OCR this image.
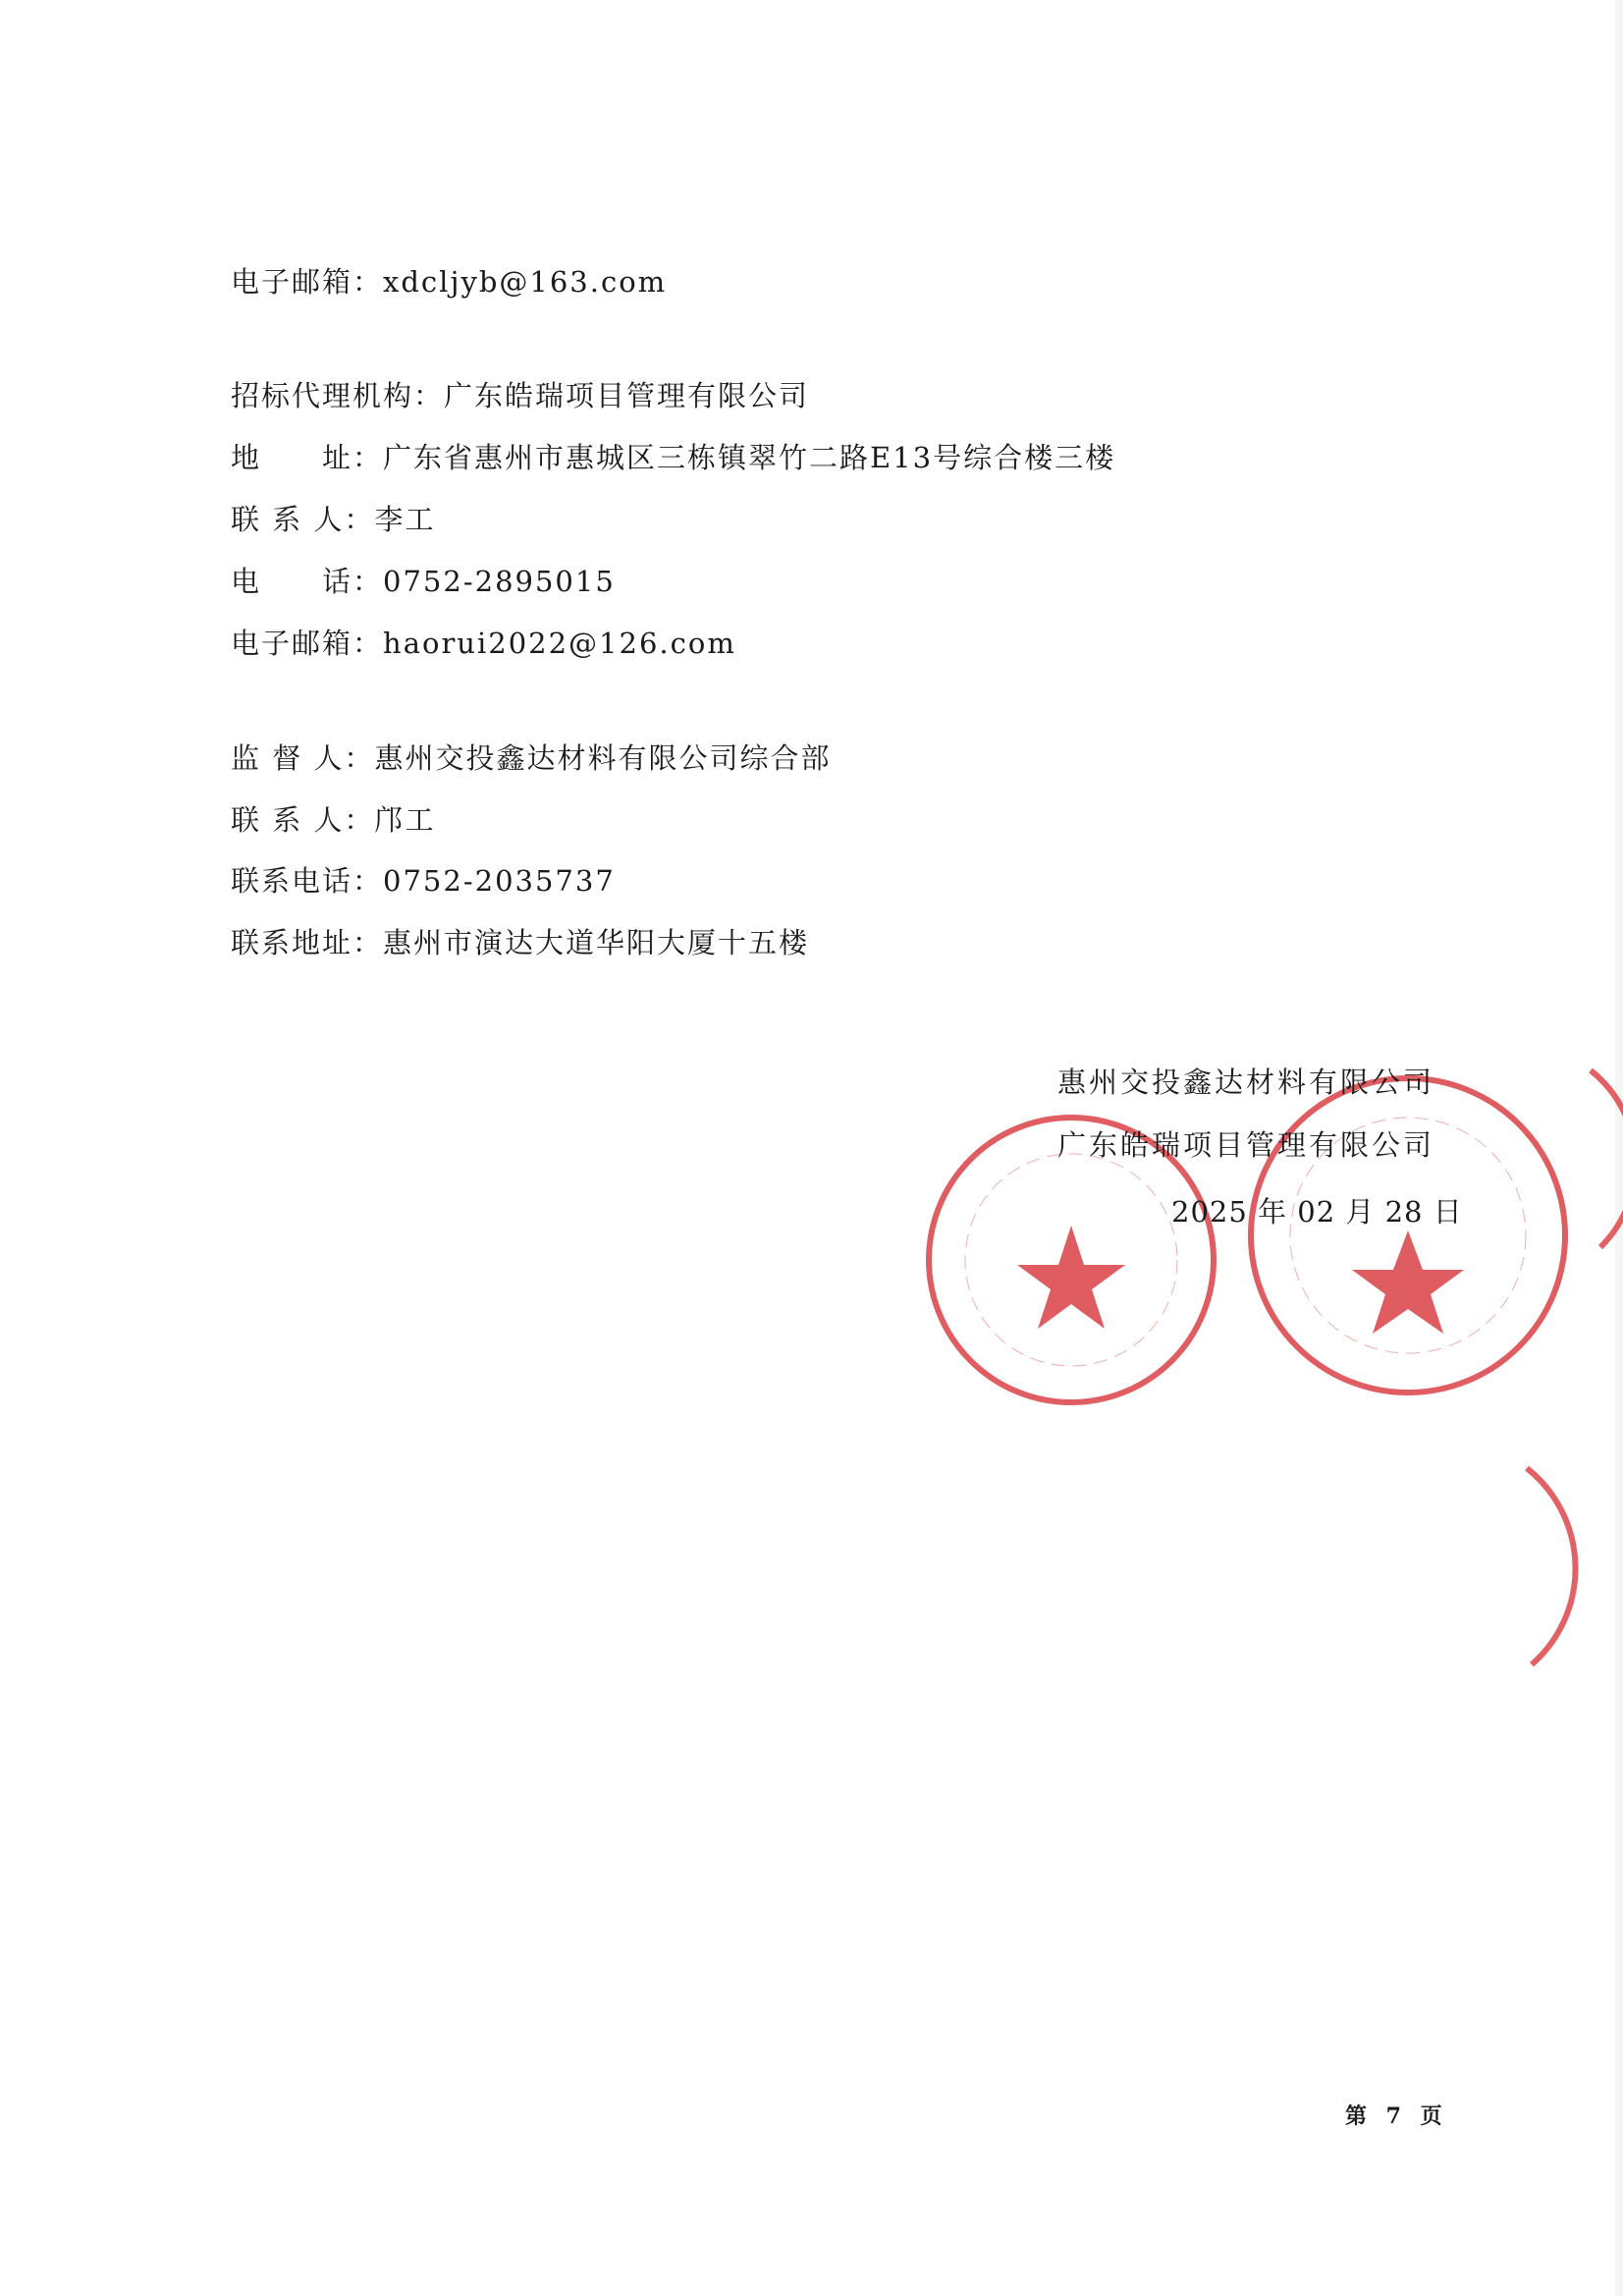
电子邮箱：xdcljyb@163.com
招标代理机构：广东皓瑞项目管理有限公司
地　　址：广东省惠州市惠城区三栋镇翠竹二路E13号综合楼三楼
联 系 人：李工
电　　话：0752-2895015
电子邮箱：haorui2022@126.com
监 督 人：惠州交投鑫达材料有限公司综合部
联 系 人：邝工
联系电话：0752-2035737
联系地址：惠州市演达大道华阳大厦十五楼
惠州交投鑫达材料有限公司
广东皓瑞项目管理有限公司
2025 年 02 月 28 日
第 7 页
